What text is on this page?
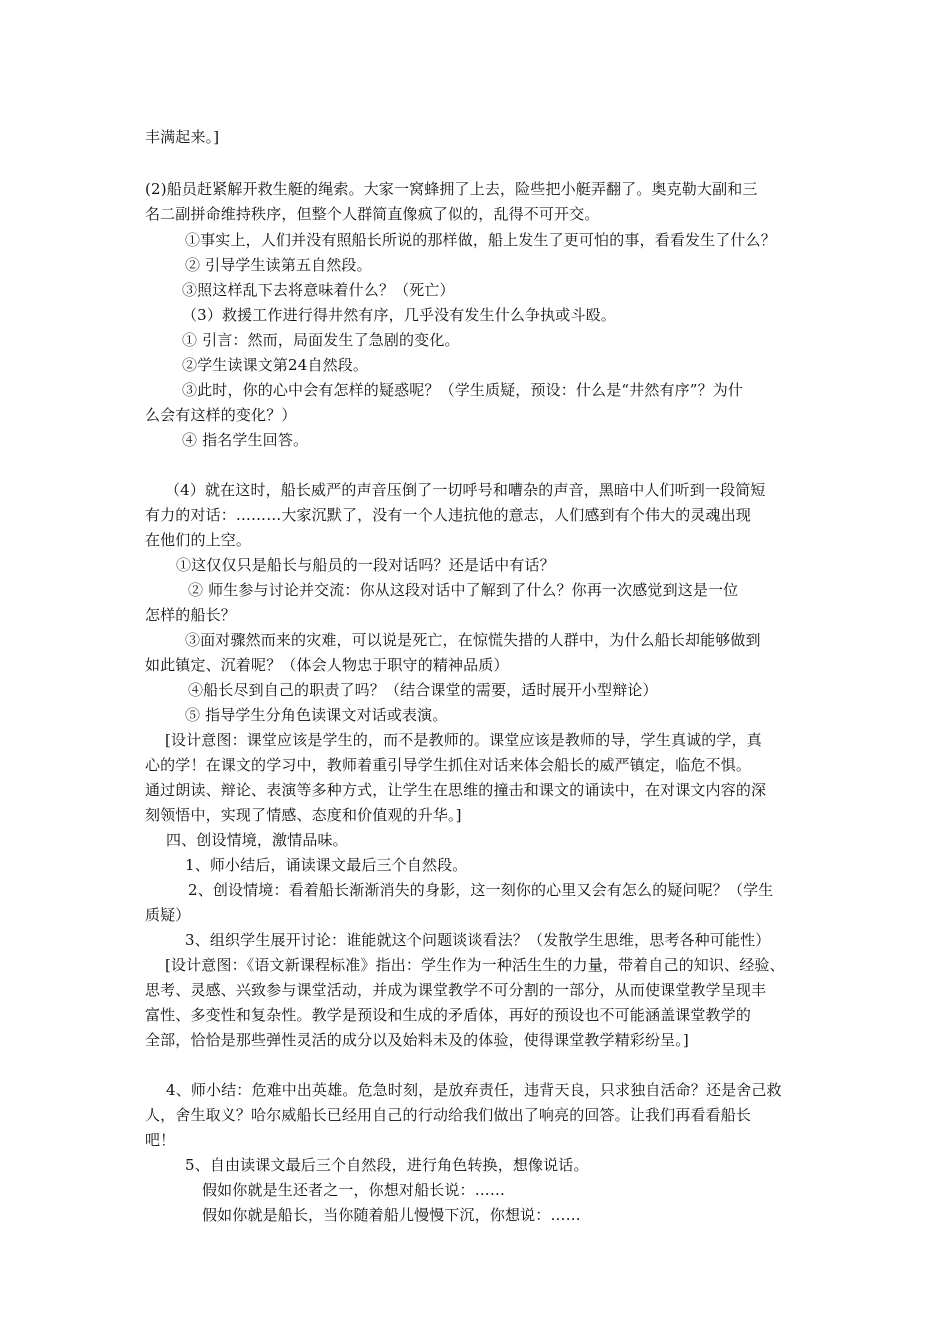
丰满起来。]
(2)船员赶紧解开救生艇的绳索。大家一窝蜂拥了上去，险些把小艇弄翻了。奥克勒大副和三
名二副拼命维持秩序，但整个人群简直像疯了似的，乱得不可开交。
①事实上，人们并没有照船长所说的那样做，船上发生了更可怕的事，看看发生了什么？
② 引导学生读第五自然段。
③照这样乱下去将意味着什么？（死亡）
（3）救援工作进行得井然有序，几乎没有发生什么争执或斗殴。
① 引言：然而，局面发生了急剧的变化。
②学生读课文第24自然段。
③此时，你的心中会有怎样的疑惑呢？（学生质疑，预设：什么是“井然有序”？为什
么会有这样的变化？）
④ 指名学生回答。
（4）就在这时，船长威严的声音压倒了一切呼号和嘈杂的声音，黑暗中人们听到一段简短
有力的对话：………大家沉默了，没有一个人违抗他的意志，人们感到有个伟大的灵魂出现
在他们的上空。
①这仅仅只是船长与船员的一段对话吗？还是话中有话？
② 师生参与讨论并交流：你从这段对话中了解到了什么？你再一次感觉到这是一位
怎样的船长？
③面对骤然而来的灾难，可以说是死亡，在惊慌失措的人群中，为什么船长却能够做到
如此镇定、沉着呢？（体会人物忠于职守的精神品质）
④船长尽到自己的职责了吗？（结合课堂的需要，适时展开小型辩论）
⑤ 指导学生分角色读课文对话或表演。
[设计意图：课堂应该是学生的，而不是教师的。课堂应该是教师的导，学生真诚的学，真
心的学！在课文的学习中，教师着重引导学生抓住对话来体会船长的威严镇定，临危不惧。
通过朗读、辩论、表演等多种方式，让学生在思维的撞击和课文的诵读中，在对课文内容的深
刻领悟中，实现了情感、态度和价值观的升华。]
四、创设情境，激情品味。
1、师小结后，诵读课文最后三个自然段。
2、创设情境：看着船长渐渐消失的身影，这一刻你的心里又会有怎么的疑问呢？（学生
质疑）
3、组织学生展开讨论：谁能就这个问题谈谈看法？（发散学生思维，思考各种可能性）
[设计意图：《语文新课程标准》指出：学生作为一种活生生的力量，带着自己的知识、经验、
思考、灵感、兴致参与课堂活动，并成为课堂教学不可分割的一部分，从而使课堂教学呈现丰
富性、多变性和复杂性。教学是预设和生成的矛盾体，再好的预设也不可能涵盖课堂教学的
全部，恰恰是那些弹性灵活的成分以及始料未及的体验，使得课堂教学精彩纷呈。]
4、师小结：危难中出英雄。危急时刻，是放弃责任，违背天良，只求独自活命？还是舍己救
人，舍生取义？哈尔威船长已经用自己的行动给我们做出了响亮的回答。让我们再看看船长
吧！
5、自由读课文最后三个自然段，进行角色转换，想像说话。
假如你就是生还者之一，你想对船长说：……
假如你就是船长，当你随着船儿慢慢下沉，你想说：……
